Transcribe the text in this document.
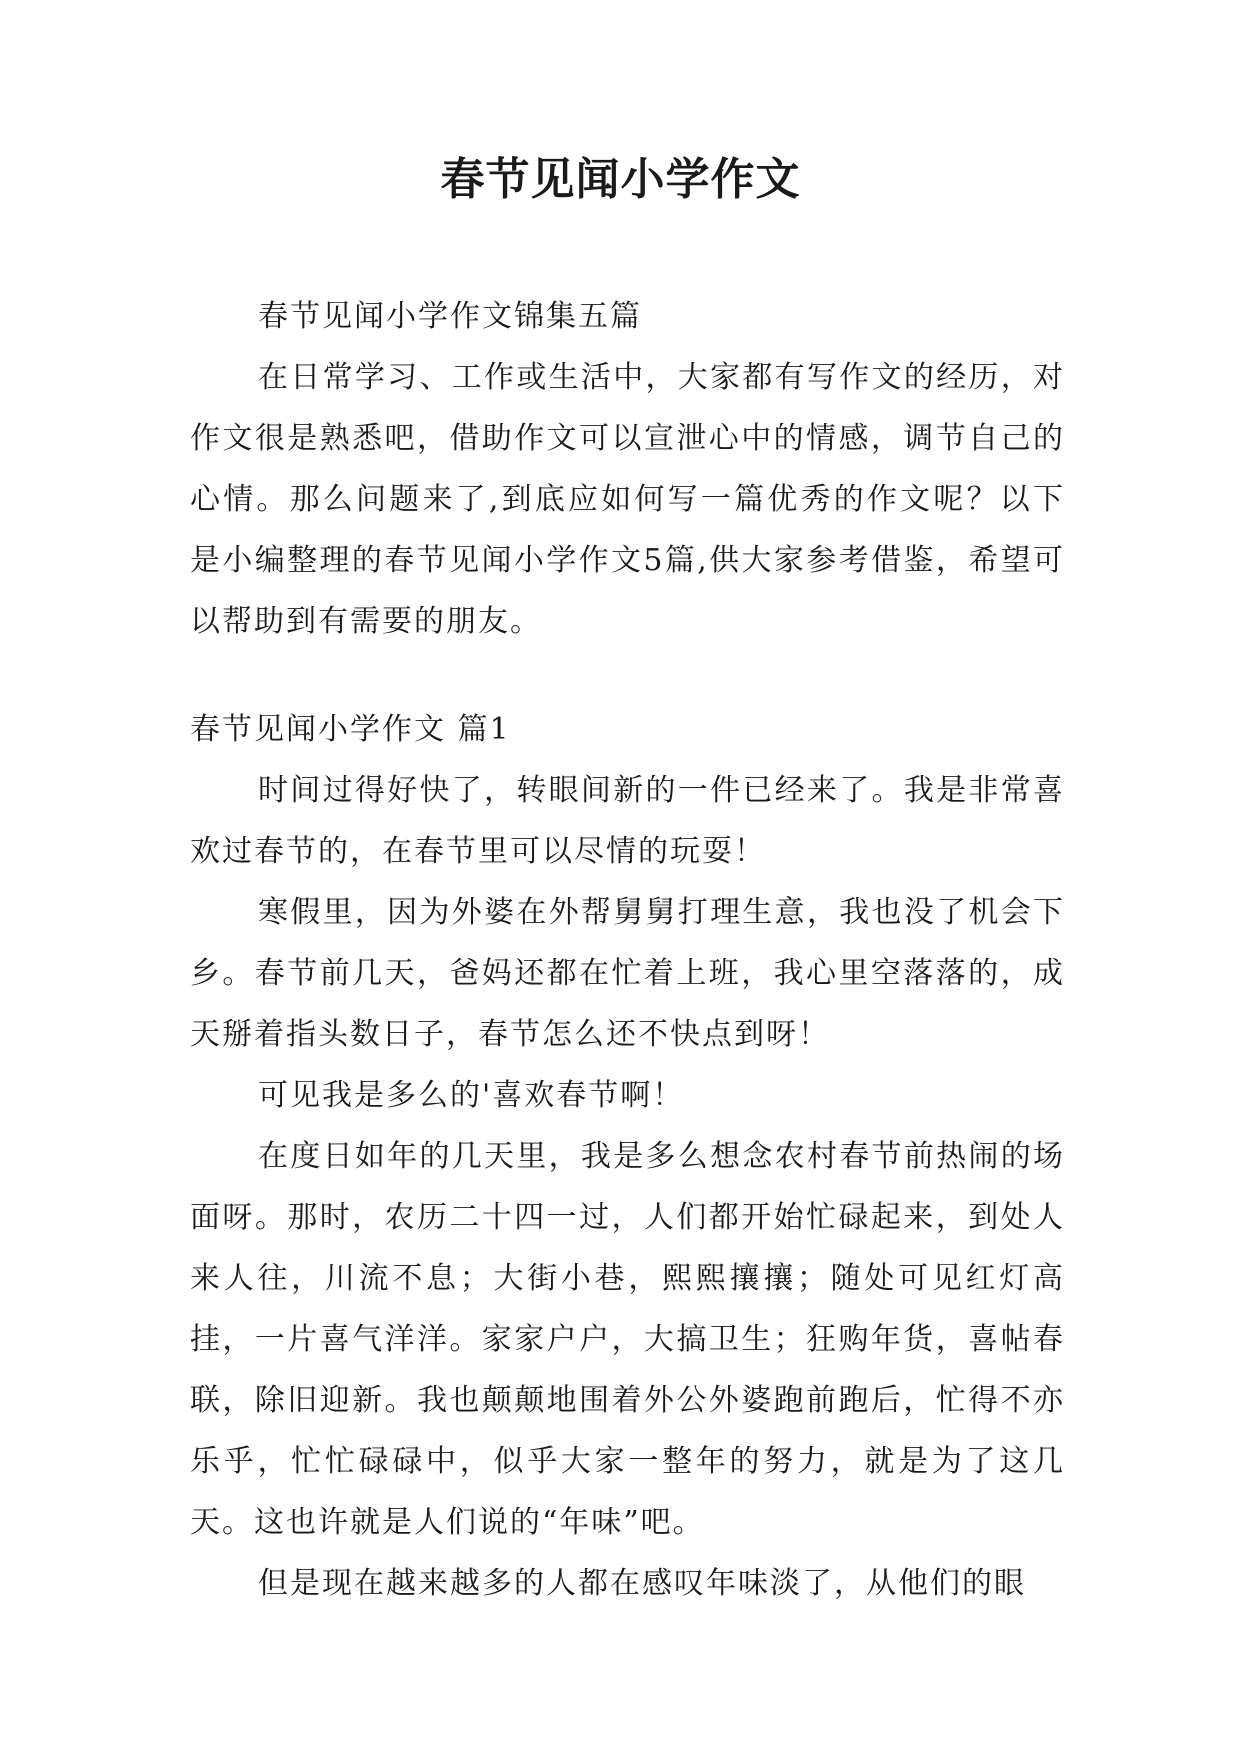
春节见闻小学作文

春节见闻小学作文锦集五篇

在日常学习、工作或生活中，大家都有写作文的经历，对作文很是熟悉吧，借助作文可以宣泄心中的情感，调节自己的心情。那么问题来了,到底应如何写一篇优秀的作文呢？以下是小编整理的春节见闻小学作文5篇,供大家参考借鉴，希望可以帮助到有需要的朋友。

春节见闻小学作文 篇1

时间过得好快了，转眼间新的一件已经来了。我是非常喜欢过春节的，在春节里可以尽情的玩耍！

寒假里，因为外婆在外帮舅舅打理生意，我也没了机会下乡。春节前几天，爸妈还都在忙着上班，我心里空落落的，成天掰着指头数日子，春节怎么还不快点到呀！

可见我是多么的'喜欢春节啊！

在度日如年的几天里，我是多么想念农村春节前热闹的场面呀。那时，农历二十四一过，人们都开始忙碌起来，到处人来人往，川流不息；大街小巷，熙熙攘攘；随处可见红灯高挂，一片喜气洋洋。家家户户，大搞卫生；狂购年货，喜帖春联，除旧迎新。我也颠颠地围着外公外婆跑前跑后，忙得不亦乐乎，忙忙碌碌中，似乎大家一整年的努力，就是为了这几天。这也许就是人们说的“年味”吧。

但是现在越来越多的人都在感叹年味淡了，从他们的眼
